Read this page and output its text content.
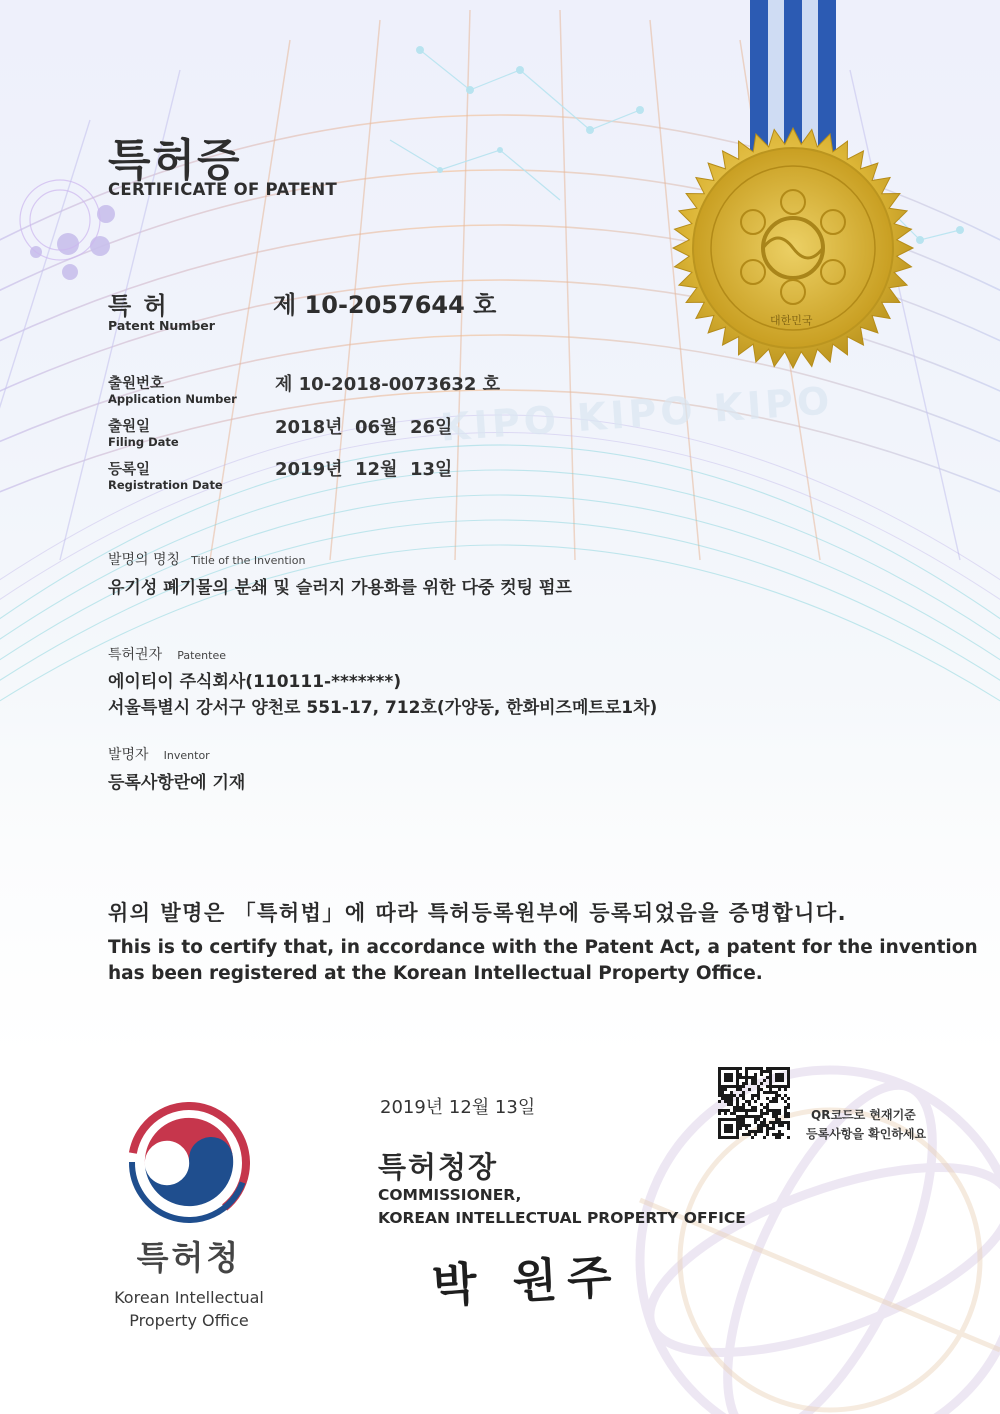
KIPO KIPO KIPO
대한민국
특허증
CERTIFICATE OF PATENT
특 허
Patent Number
제 10-2057644 호
출원번호
Application Number
제 10-2018-0073632 호
출원일
Filing Date
2018년  06월  26일
등록일
Registration Date
2019년  12월  13일
발명의 명칭 Title of the Invention
유기성 폐기물의 분쇄 및 슬러지 가용화를 위한 다중 컷팅 펌프
특허권자 Patentee
에이티이 주식회사(110111-*******)
서울특별시 강서구 양천로 551-17, 712호(가양동, 한화비즈메트로1차)
발명자 Inventor
등록사항란에 기재
위의 발명은 「특허법」에 따라 특허등록원부에 등록되었음을 증명합니다.
This is to certify that, in accordance with the Patent Act, a patent for the invention
has been registered at the Korean Intellectual Property Office.
2019년 12월 13일	QR코드로 현재기준
등록사항을 확인하세요
특허청장
COMMISSIONER,
KOREAN INTELLECTUAL PROPERTY OFFICE
박 원주
특허청
Korean Intellectual
Property Office
